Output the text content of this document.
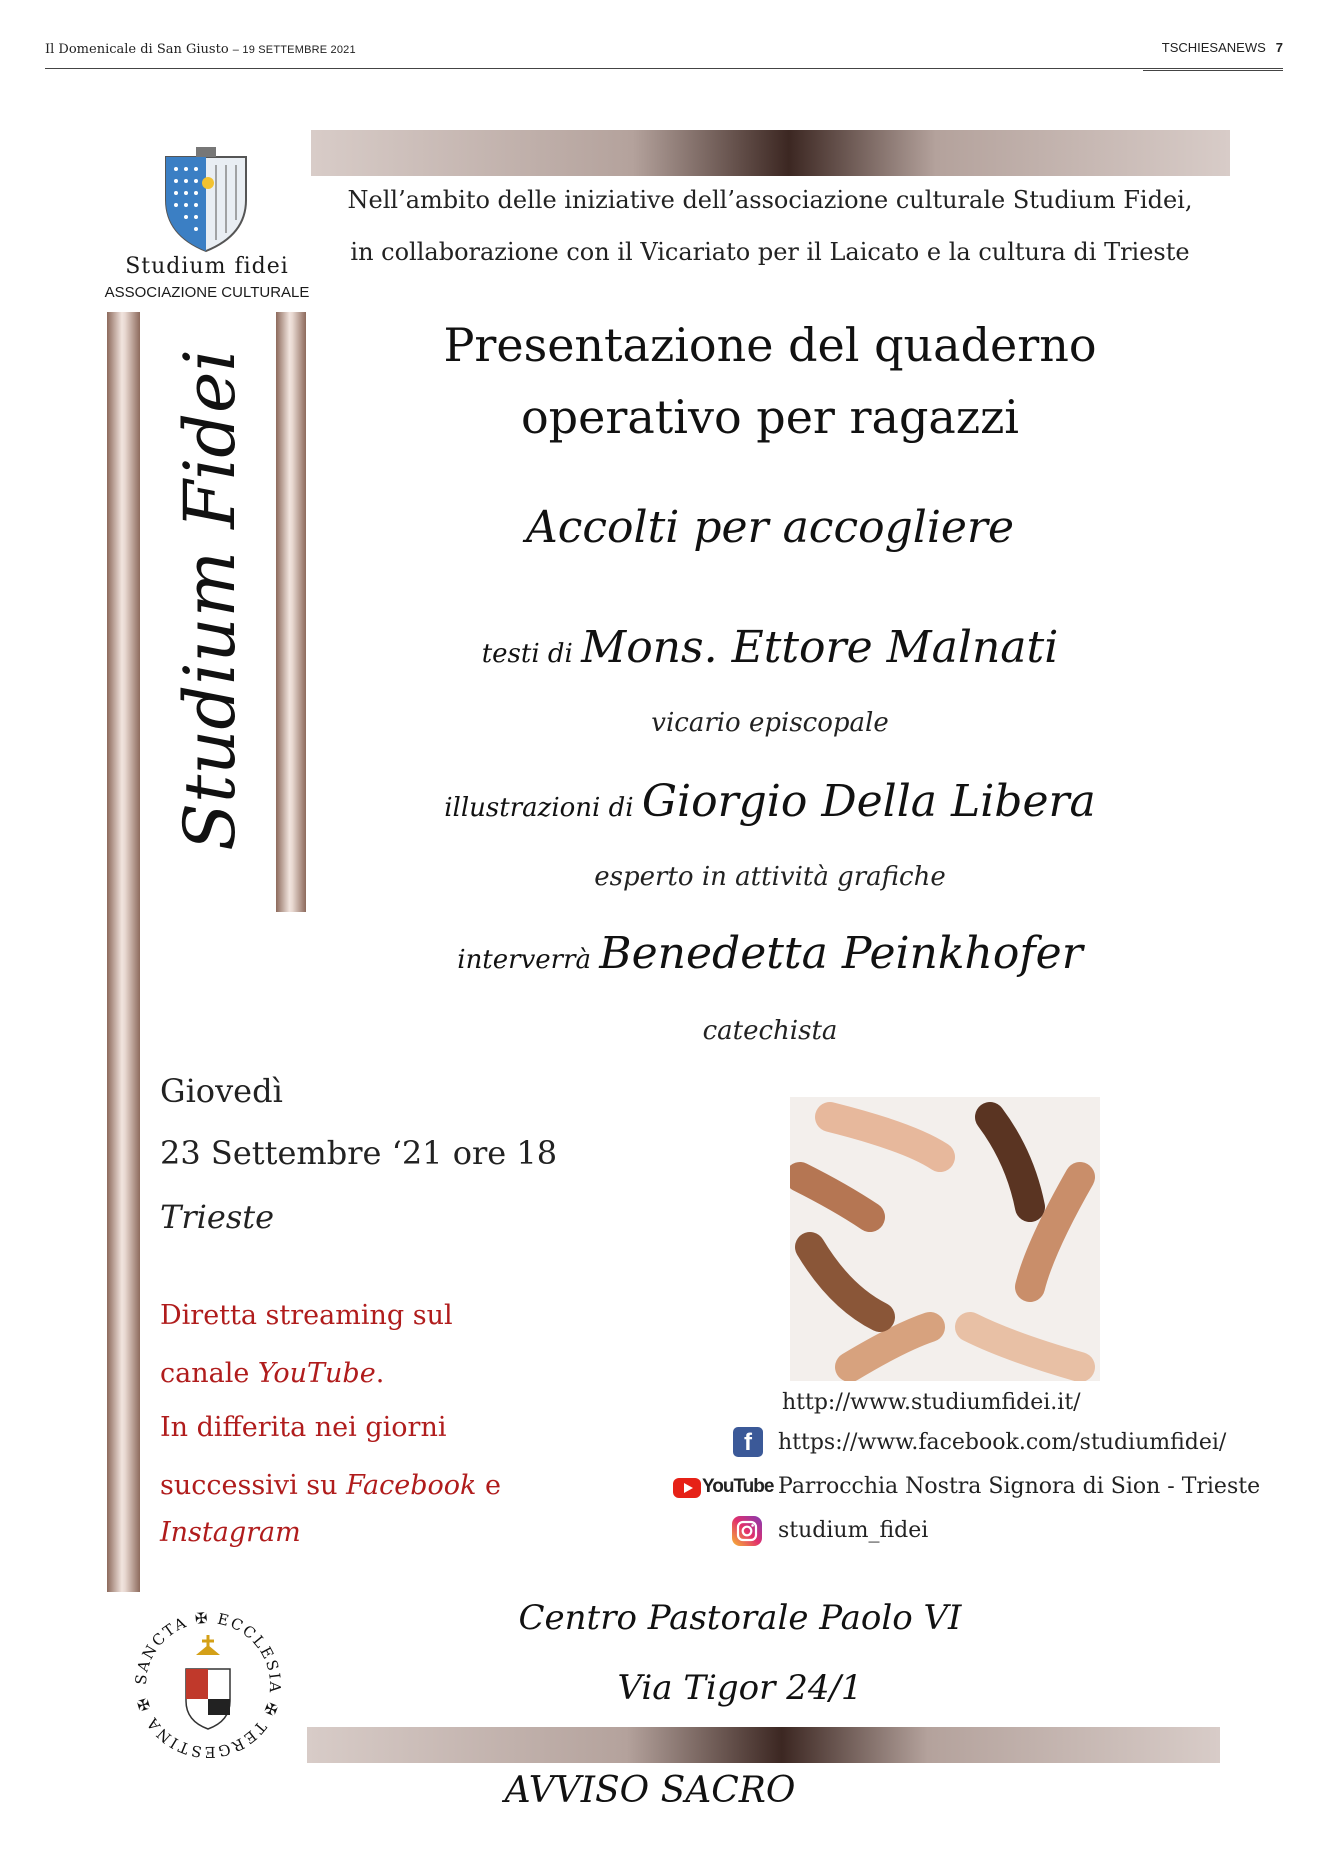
Il Domenicale di San Giusto – 19 SETTEMBRE 2021	TSCHIESANEWS 7
Studium fidei
ASSOCIAZIONE CULTURALE
Studium Fidei
Nell’ambito delle iniziative dell’associazione culturale Studium Fidei,
in collaborazione con il Vicariato per il Laicato e la cultura di Trieste
Presentazione del quaderno
operativo per ragazzi
Accolti per accogliere
testi di Mons. Ettore Malnati
vicario episcopale
illustrazioni di Giorgio Della Libera
esperto in attività grafiche
interverrà Benedetta Peinkhofer
catechista
Giovedì
23 Settembre ‘21 ore 18
Trieste
Diretta streaming sul
canale YouTube.
In differita nei giorni
successivi su Facebook e
Instagram
http://www.studiumfidei.it/
f	https://www.facebook.com/studiumfidei/
YouTube Parrocchia Nostra Signora di Sion - Trieste
studium_fidei
Centro Pastorale Paolo VI
Via Tigor 24/1
AVVISO SACRO
SANCTA ✠ ECCLESIA ✠ TERGESTINA ✠
